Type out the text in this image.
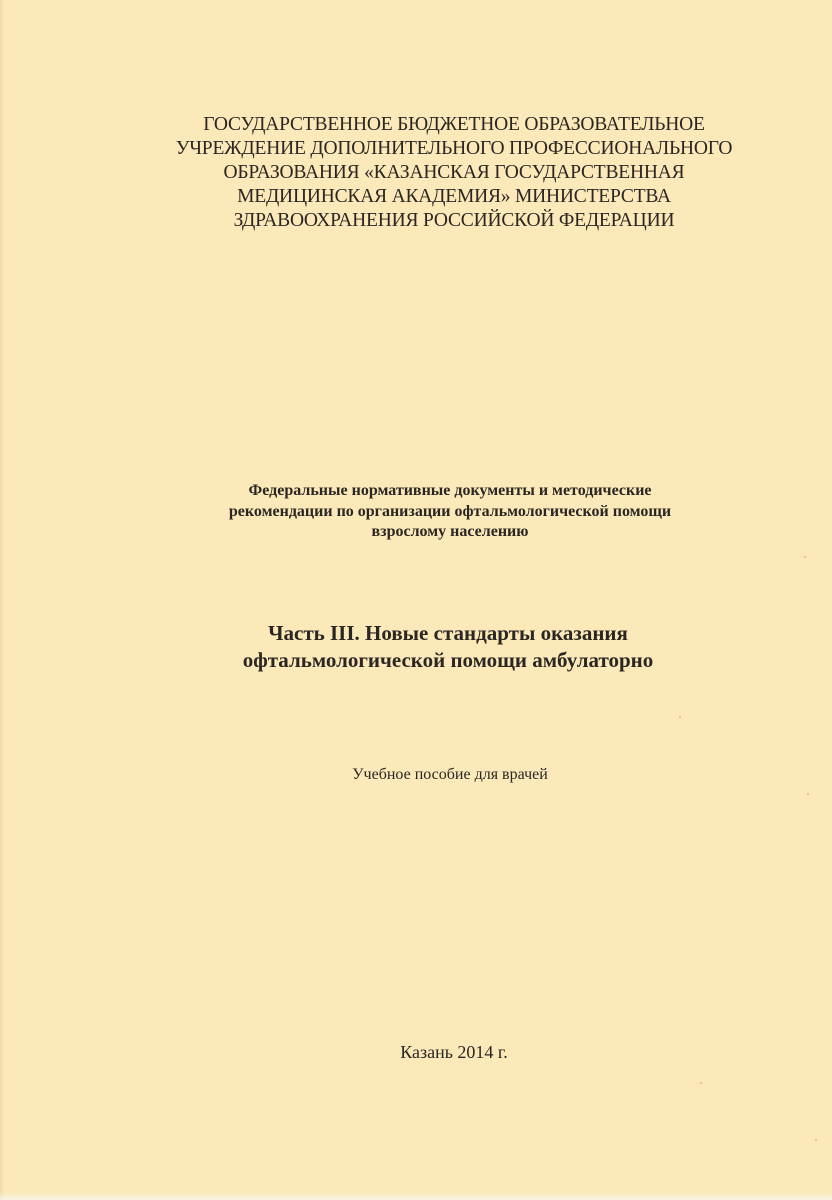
ГОСУДАРСТВЕННОЕ БЮДЖЕТНОЕ ОБРАЗОВАТЕЛЬНОЕ
УЧРЕЖДЕНИЕ ДОПОЛНИТЕЛЬНОГО ПРОФЕССИОНАЛЬНОГО
ОБРАЗОВАНИЯ «КАЗАНСКАЯ ГОСУДАРСТВЕННАЯ
МЕДИЦИНСКАЯ АКАДЕМИЯ» МИНИСТЕРСТВА
ЗДРАВООХРАНЕНИЯ РОССИЙСКОЙ ФЕДЕРАЦИИ
Федеральные нормативные документы и методические
рекомендации по организации офтальмологической помощи
взрослому населению
Часть III. Новые стандарты оказания
офтальмологической помощи амбулаторно
Учебное пособие для врачей
Казань 2014 г.
